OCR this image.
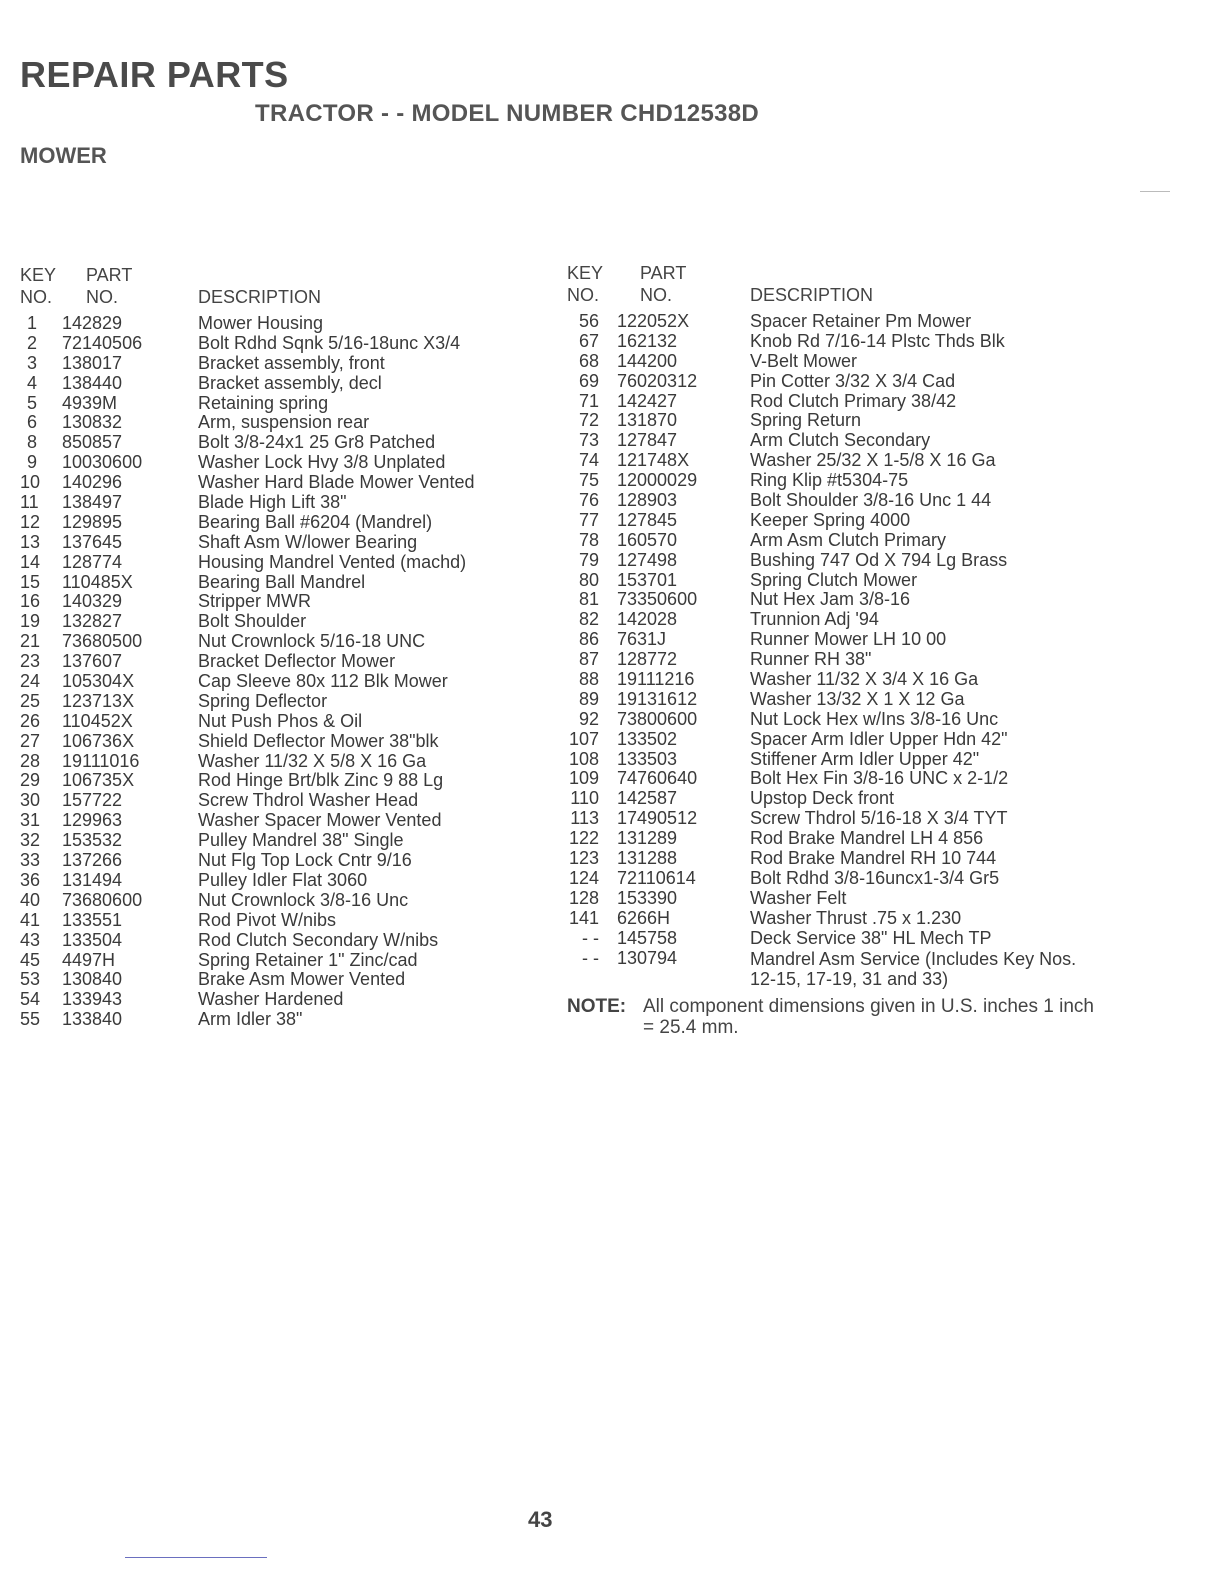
REPAIR PARTS
TRACTOR - - MODEL NUMBER CHD12538D
MOWER
KEY
NO.
PART
NO.	DESCRIPTION
KEY
NO.
PART
NO.	DESCRIPTION
1 142829	Mower Housing
2 72140506	Bolt Rdhd Sqnk 5/16-18unc X3/4
3 138017	Bracket assembly, front
4 138440	Bracket assembly, decl
5 4939M	Retaining spring
6 130832	Arm, suspension rear
8 850857	Bolt 3/8-24x1 25 Gr8 Patched
9 10030600	Washer Lock Hvy 3/8 Unplated
10 140296	Washer Hard Blade Mower Vented
11 138497	Blade High Lift 38"
12 129895	Bearing Ball #6204 (Mandrel)
13 137645	Shaft Asm W/lower Bearing
14 128774	Housing Mandrel Vented (machd)
15 110485X	Bearing Ball Mandrel
16 140329	Stripper MWR
19 132827	Bolt Shoulder
21 73680500	Nut Crownlock 5/16-18 UNC
23 137607	Bracket Deflector Mower
24 105304X	Cap Sleeve 80x 112 Blk Mower
25 123713X	Spring Deflector
26 110452X	Nut Push Phos & Oil
27 106736X	Shield Deflector Mower 38"blk
28 19111016	Washer 11/32 X 5/8 X 16 Ga
29 106735X	Rod Hinge Brt/blk Zinc 9 88 Lg
30 157722	Screw Thdrol Washer Head
31 129963	Washer Spacer Mower Vented
32 153532	Pulley Mandrel 38" Single
33 137266	Nut Flg Top Lock Cntr 9/16
36 131494	Pulley Idler Flat 3060
40 73680600	Nut Crownlock 3/8-16 Unc
41 133551	Rod Pivot W/nibs
43 133504	Rod Clutch Secondary W/nibs
45 4497H	Spring Retainer 1" Zinc/cad
53 130840	Brake Asm Mower Vented
54 133943	Washer Hardened
55 133840	Arm Idler 38"
56 122052X	Spacer Retainer Pm Mower
67 162132	Knob Rd 7/16-14 Plstc Thds Blk
68 144200	V-Belt Mower
69 76020312	Pin Cotter 3/32 X 3/4 Cad
71 142427	Rod Clutch Primary 38/42
72 131870	Spring Return
73 127847	Arm Clutch Secondary
74 121748X	Washer 25/32 X 1-5/8 X 16 Ga
75 12000029	Ring Klip #t5304-75
76 128903	Bolt Shoulder 3/8-16 Unc 1 44
77 127845	Keeper Spring 4000
78 160570	Arm Asm Clutch Primary
79 127498	Bushing 747 Od X 794 Lg Brass
80 153701	Spring Clutch Mower
81 73350600	Nut Hex Jam 3/8-16
82 142028	Trunnion Adj '94
86 7631J	Runner Mower LH 10 00
87 128772	Runner RH 38"
88 19111216	Washer 11/32 X 3/4 X 16 Ga
89 19131612	Washer 13/32 X 1 X 12 Ga
92 73800600	Nut Lock Hex w/Ins 3/8-16 Unc
107 133502	Spacer Arm Idler Upper Hdn 42"
108 133503	Stiffener Arm Idler Upper 42"
109 74760640	Bolt Hex Fin 3/8-16 UNC x 2-1/2
110 142587	Upstop Deck front
113 17490512	Screw Thdrol 5/16-18 X 3/4 TYT
122 131289	Rod Brake Mandrel LH 4 856
123 131288	Rod Brake Mandrel RH 10 744
124 72110614	Bolt Rdhd 3/8-16uncx1-3/4 Gr5
128 153390	Washer Felt
141 6266H	Washer Thrust .75 x 1.230
- - 145758	Deck Service 38" HL Mech TP
- - 130794	Mandrel Asm Service (Includes Key Nos. 12-15, 17-19, 31 and 33)
NOTE: All component dimensions given in U.S. inches 1 inch = 25.4 mm.
43
